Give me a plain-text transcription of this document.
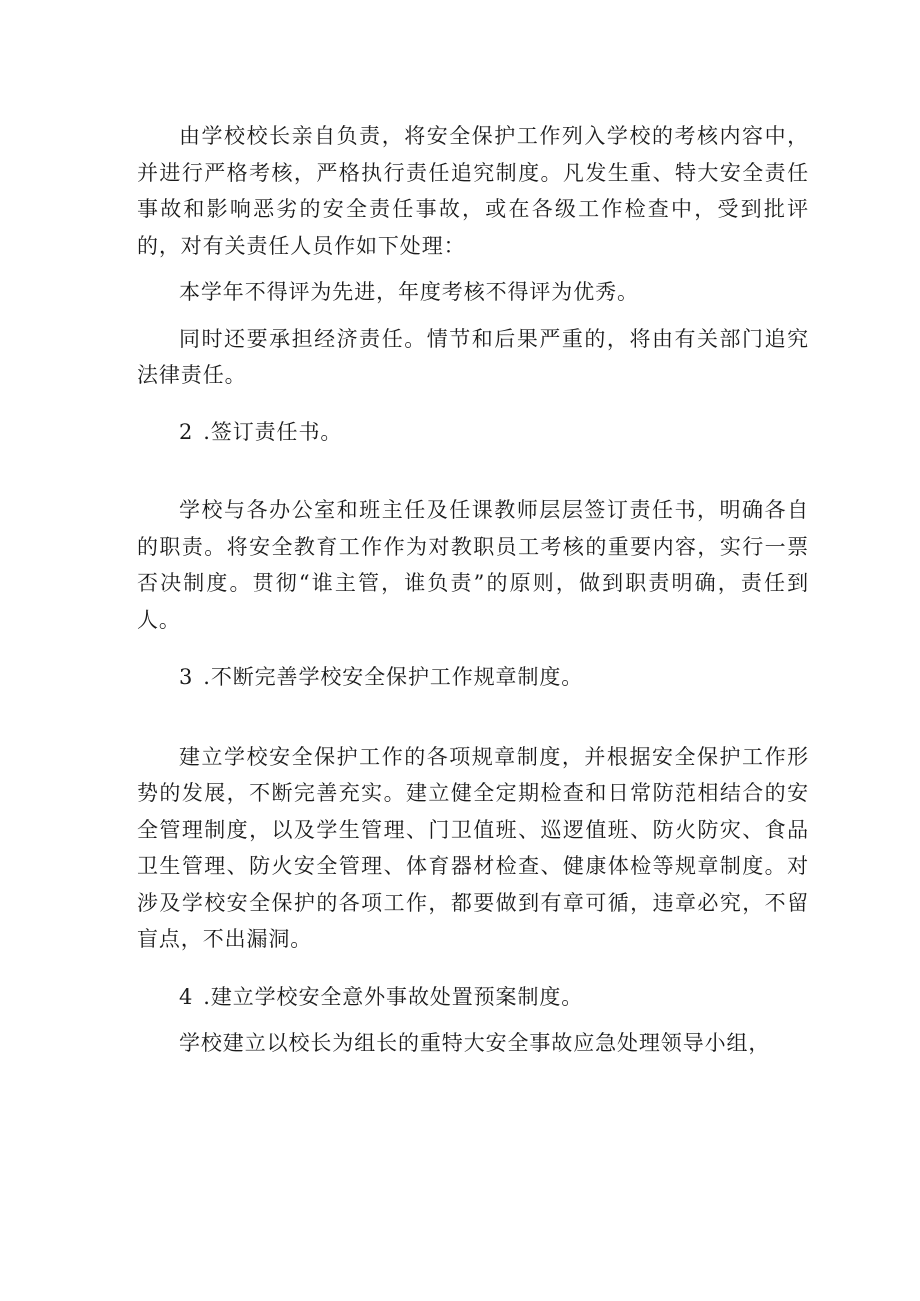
由学校校长亲自负责，将安全保护工作列入学校的考核内容中，并进行严格考核，严格执行责任追究制度。凡发生重、特大安全责任事故和影响恶劣的安全责任事故，或在各级工作检查中，受到批评的，对有关责任人员作如下处理：

本学年不得评为先进，年度考核不得评为优秀。

同时还要承担经济责任。情节和后果严重的，将由有关部门追究法律责任。

2 .签订责任书。

学校与各办公室和班主任及任课教师层层签订责任书，明确各自的职责。将安全教育工作作为对教职员工考核的重要内容，实行一票否决制度。贯彻“谁主管，谁负责”的原则，做到职责明确，责任到人。

3 .不断完善学校安全保护工作规章制度。

建立学校安全保护工作的各项规章制度，并根据安全保护工作形势的发展，不断完善充实。建立健全定期检查和日常防范相结合的安全管理制度，以及学生管理、门卫值班、巡逻值班、防火防灾、食品卫生管理、防火安全管理、体育器材检查、健康体检等规章制度。对涉及学校安全保护的各项工作，都要做到有章可循，违章必究，不留盲点，不出漏洞。

4 .建立学校安全意外事故处置预案制度。

学校建立以校长为组长的重特大安全事故应急处理领导小组，
